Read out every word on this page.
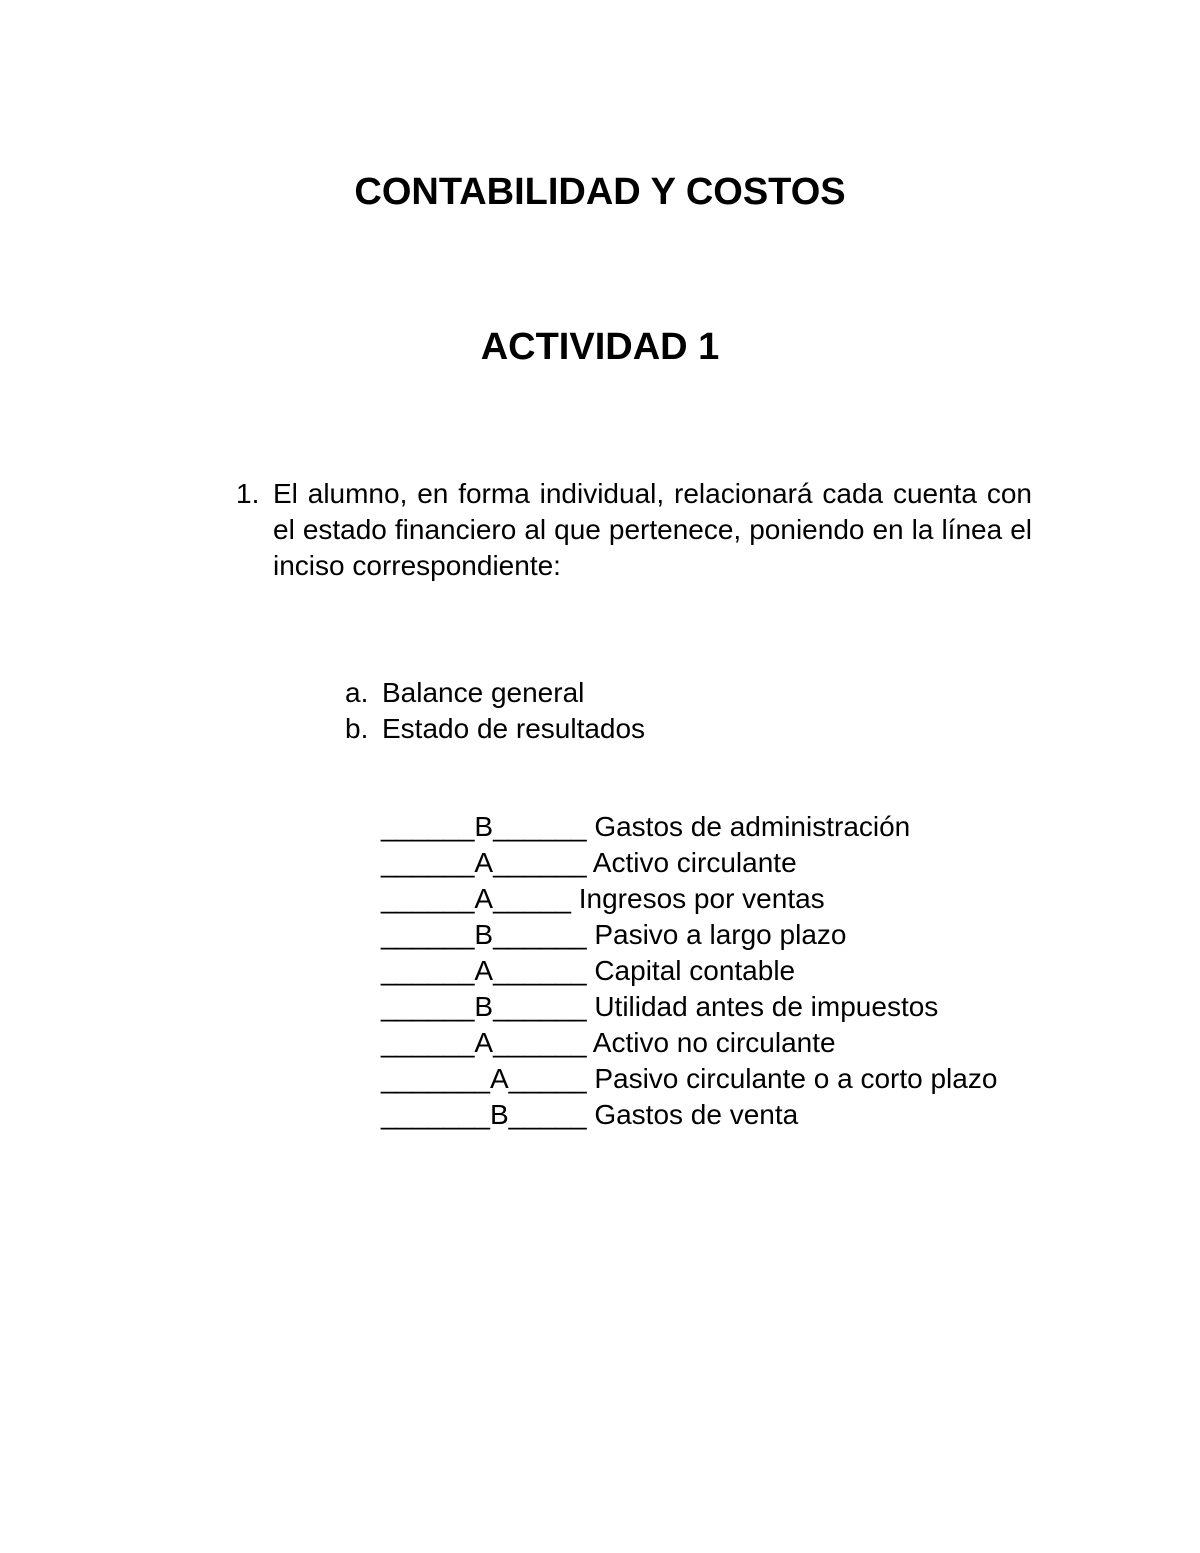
CONTABILIDAD Y COSTOS
ACTIVIDAD 1
1. El alumno, en forma individual, relacionará cada cuenta con el estado financiero al que pertenece, poniendo en la línea el inciso correspondiente:
a. Balance general
b. Estado de resultados
______B______ Gastos de administración
______A______ Activo circulante
______A_____ Ingresos por ventas
______B______ Pasivo a largo plazo
______A______ Capital contable
______B______ Utilidad antes de impuestos
______A______ Activo no circulante
_______A_____ Pasivo circulante o a corto plazo
_______B_____ Gastos de venta
